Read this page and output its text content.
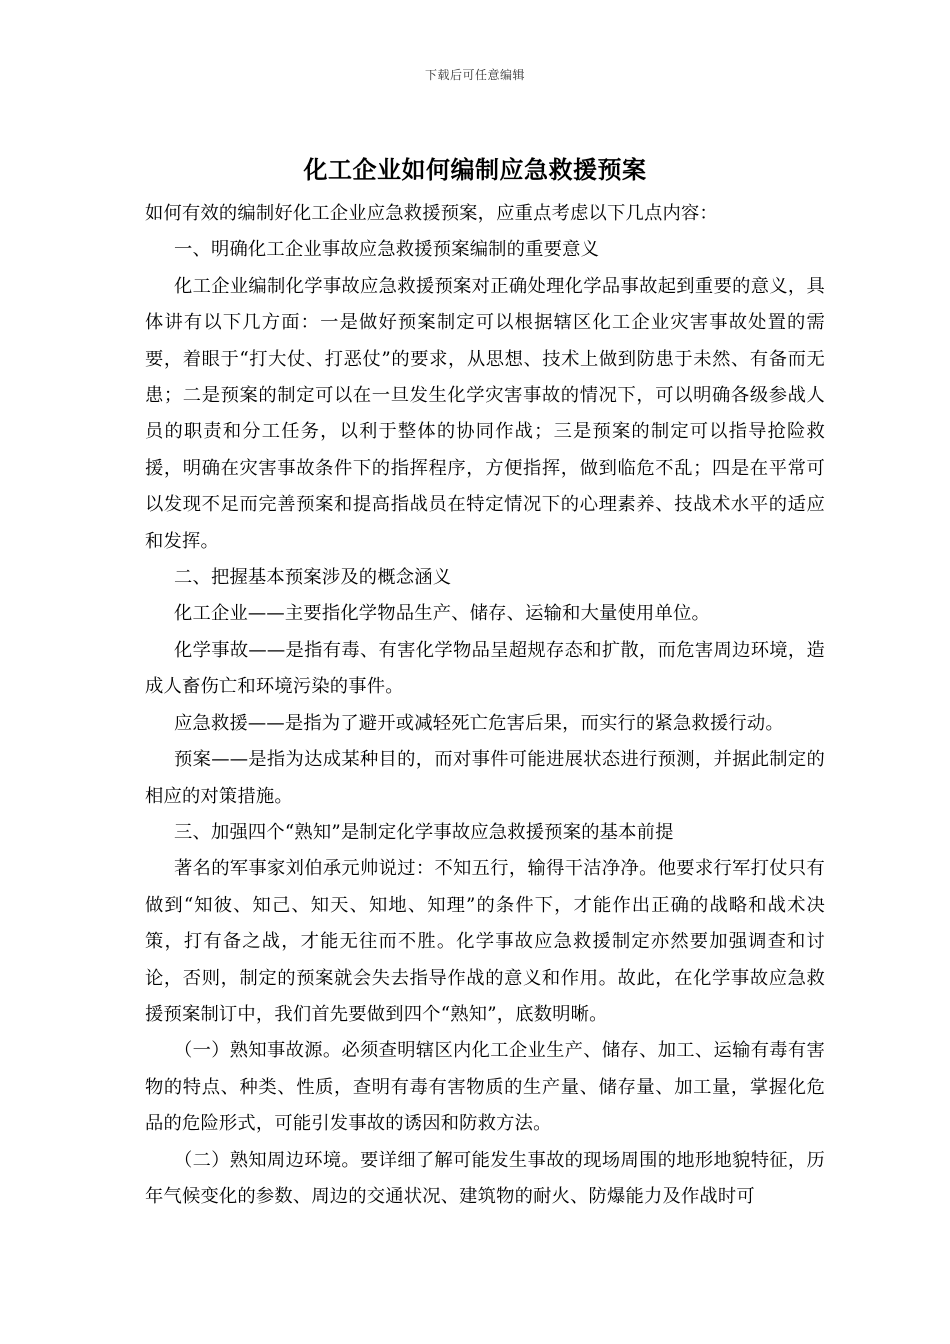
下载后可任意编辑
化工企业如何编制应急救援预案

如何有效的编制好化工企业应急救援预案，应重点考虑以下几点内容：

一、明确化工企业事故应急救援预案编制的重要意义

化工企业编制化学事故应急救援预案对正确处理化学品事故起到重要的意义，具体讲有以下几方面：一是做好预案制定可以根据辖区化工企业灾害事故处置的需要，着眼于“打大仗、打恶仗”的要求，从思想、技术上做到防患于未然、有备而无患；二是预案的制定可以在一旦发生化学灾害事故的情况下，可以明确各级参战人员的职责和分工任务，以利于整体的协同作战；三是预案的制定可以指导抢险救援，明确在灾害事故条件下的指挥程序，方便指挥，做到临危不乱；四是在平常可以发现不足而完善预案和提高指战员在特定情况下的心理素养、技战术水平的适应和发挥。

二、把握基本预案涉及的概念涵义

化工企业——主要指化学物品生产、储存、运输和大量使用单位。

化学事故——是指有毒、有害化学物品呈超规存态和扩散，而危害周边环境，造成人畜伤亡和环境污染的事件。

应急救援——是指为了避开或减轻死亡危害后果，而实行的紧急救援行动。

预案——是指为达成某种目的，而对事件可能进展状态进行预测，并据此制定的相应的对策措施。

三、加强四个“熟知”是制定化学事故应急救援预案的基本前提

著名的军事家刘伯承元帅说过：不知五行，输得干洁净净。他要求行军打仗只有做到“知彼、知己、知天、知地、知理”的条件下，才能作出正确的战略和战术决策，打有备之战，才能无往而不胜。化学事故应急救援制定亦然要加强调查和讨论，否则，制定的预案就会失去指导作战的意义和作用。故此，在化学事故应急救援预案制订中，我们首先要做到四个“熟知”，底数明晰。

（一）熟知事故源。必须查明辖区内化工企业生产、储存、加工、运输有毒有害物的特点、种类、性质，查明有毒有害物质的生产量、储存量、加工量，掌握化危品的危险形式，可能引发事故的诱因和防救方法。

（二）熟知周边环境。要详细了解可能发生事故的现场周围的地形地貌特征，历年气候变化的参数、周边的交通状况、建筑物的耐火、防爆能力及作战时可
